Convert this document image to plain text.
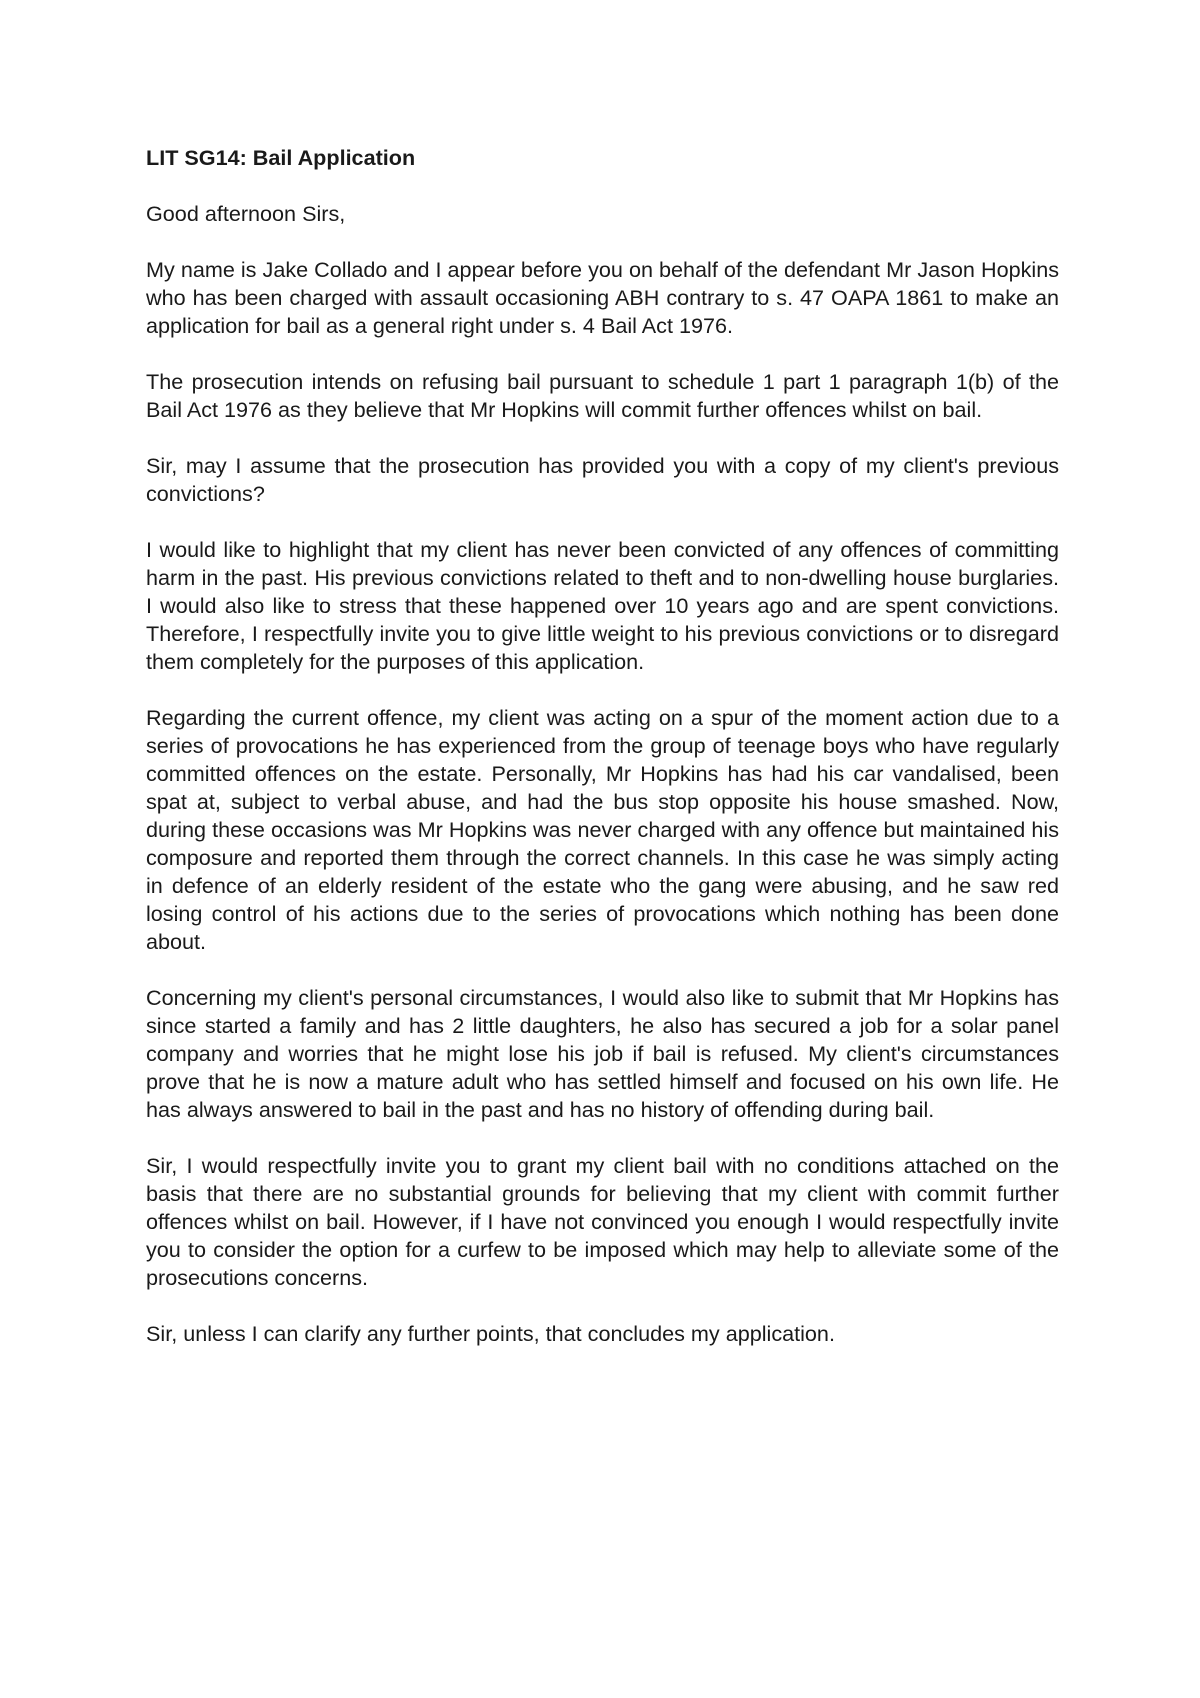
LIT SG14: Bail Application

Good afternoon Sirs,

My name is Jake Collado and I appear before you on behalf of the defendant Mr Jason Hopkins who has been charged with assault occasioning ABH contrary to s. 47 OAPA 1861 to make an application for bail as a general right under s. 4 Bail Act 1976.

The prosecution intends on refusing bail pursuant to schedule 1 part 1 paragraph 1(b) of the Bail Act 1976 as they believe that Mr Hopkins will commit further offences whilst on bail.

Sir, may I assume that the prosecution has provided you with a copy of my client's previous convictions?

I would like to highlight that my client has never been convicted of any offences of committing harm in the past. His previous convictions related to theft and to non-dwelling house burglaries. I would also like to stress that these happened over 10 years ago and are spent convictions. Therefore, I respectfully invite you to give little weight to his previous convictions or to disregard them completely for the purposes of this application.

Regarding the current offence, my client was acting on a spur of the moment action due to a series of provocations he has experienced from the group of teenage boys who have regularly committed offences on the estate. Personally, Mr Hopkins has had his car vandalised, been spat at, subject to verbal abuse, and had the bus stop opposite his house smashed. Now, during these occasions was Mr Hopkins was never charged with any offence but maintained his composure and reported them through the correct channels. In this case he was simply acting in defence of an elderly resident of the estate who the gang were abusing, and he saw red losing control of his actions due to the series of provocations which nothing has been done about.

Concerning my client's personal circumstances, I would also like to submit that Mr Hopkins has since started a family and has 2 little daughters, he also has secured a job for a solar panel company and worries that he might lose his job if bail is refused. My client's circumstances prove that he is now a mature adult who has settled himself and focused on his own life. He has always answered to bail in the past and has no history of offending during bail.

Sir, I would respectfully invite you to grant my client bail with no conditions attached on the basis that there are no substantial grounds for believing that my client with commit further offences whilst on bail. However, if I have not convinced you enough I would respectfully invite you to consider the option for a curfew to be imposed which may help to alleviate some of the prosecutions concerns.

Sir, unless I can clarify any further points, that concludes my application.
